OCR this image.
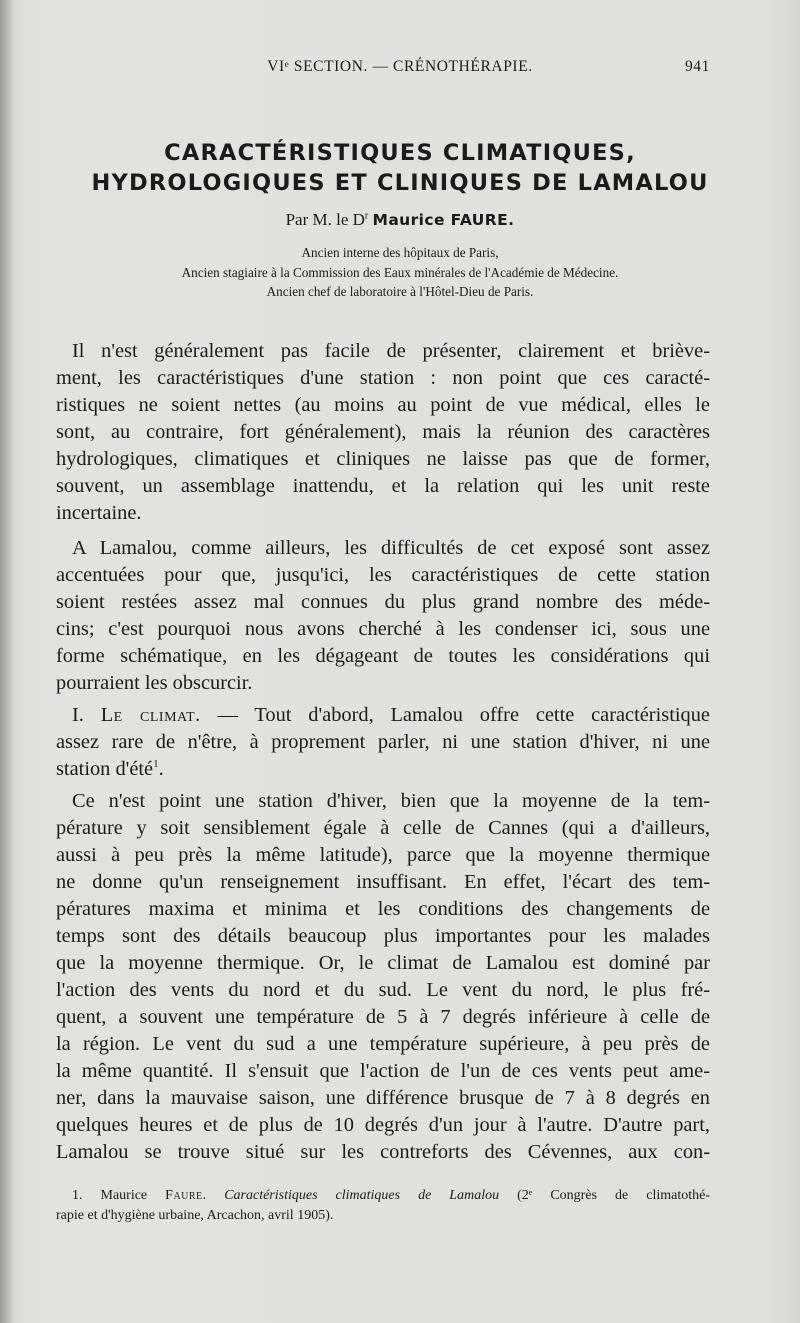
VIᵉ SECTION. — CRÉNOTHÉRAPIE.	941
CARACTÉRISTIQUES CLIMATIQUES,
HYDROLOGIQUES ET CLINIQUES DE LAMALOU
Par M. le $D^r$ Maurice FAURE.
Ancien interne des hôpitaux de Paris,
Ancien stagiaire à la Commission des Eaux minérales de l'Académie de Médecine.
Ancien chef de laboratoire à l'Hôtel-Dieu de Paris.
Il n'est généralement pas facile de présenter, clairement et briève-
ment, les caractéristiques d'une station : non point que ces caracté-
ristiques ne soient nettes (au moins au point de vue médical, elles le
sont, au contraire, fort généralement), mais la réunion des caractères
hydrologiques, climatiques et cliniques ne laisse pas que de former,
souvent, un assemblage inattendu, et la relation qui les unit reste
incertaine.
A Lamalou, comme ailleurs, les difficultés de cet exposé sont assez
accentuées pour que, jusqu'ici, les caractéristiques de cette station
soient restées assez mal connues du plus grand nombre des méde-
cins; c'est pourquoi nous avons cherché à les condenser ici, sous une
forme schématique, en les dégageant de toutes les considérations qui
pourraient les obscurcir.
I. Le climat. — Tout d'abord, Lamalou offre cette caractéristique
assez rare de n'être, à proprement parler, ni une station d'hiver, ni une
station d'été$^1$.
Ce n'est point une station d'hiver, bien que la moyenne de la tem-
pérature y soit sensiblement égale à celle de Cannes (qui a d'ailleurs,
aussi à peu près la même latitude), parce que la moyenne thermique
ne donne qu'un renseignement insuffisant. En effet, l'écart des tem-
pératures maxima et minima et les conditions des changements de
temps sont des détails beaucoup plus importantes pour les malades
que la moyenne thermique. Or, le climat de Lamalou est dominé par
l'action des vents du nord et du sud. Le vent du nord, le plus fré-
quent, a souvent une température de 5 à 7 degrés inférieure à celle de
la région. Le vent du sud a une température supérieure, à peu près de
la même quantité. Il s'ensuit que l'action de l'un de ces vents peut amе-
ner, dans la mauvaise saison, une différence brusque de 7 à 8 degrés en
quelques heures et de plus de 10 degrés d'un jour à l'autre. D'autre part,
Lamalou se trouve situé sur les contreforts des Cévennes, aux con-
1. Maurice Faure. Caractéristiques climatiques de Lamalou (2ᵉ Congrès de climatothé-
rapie et d'hygiène urbaine, Arcachon, avril 1905).
